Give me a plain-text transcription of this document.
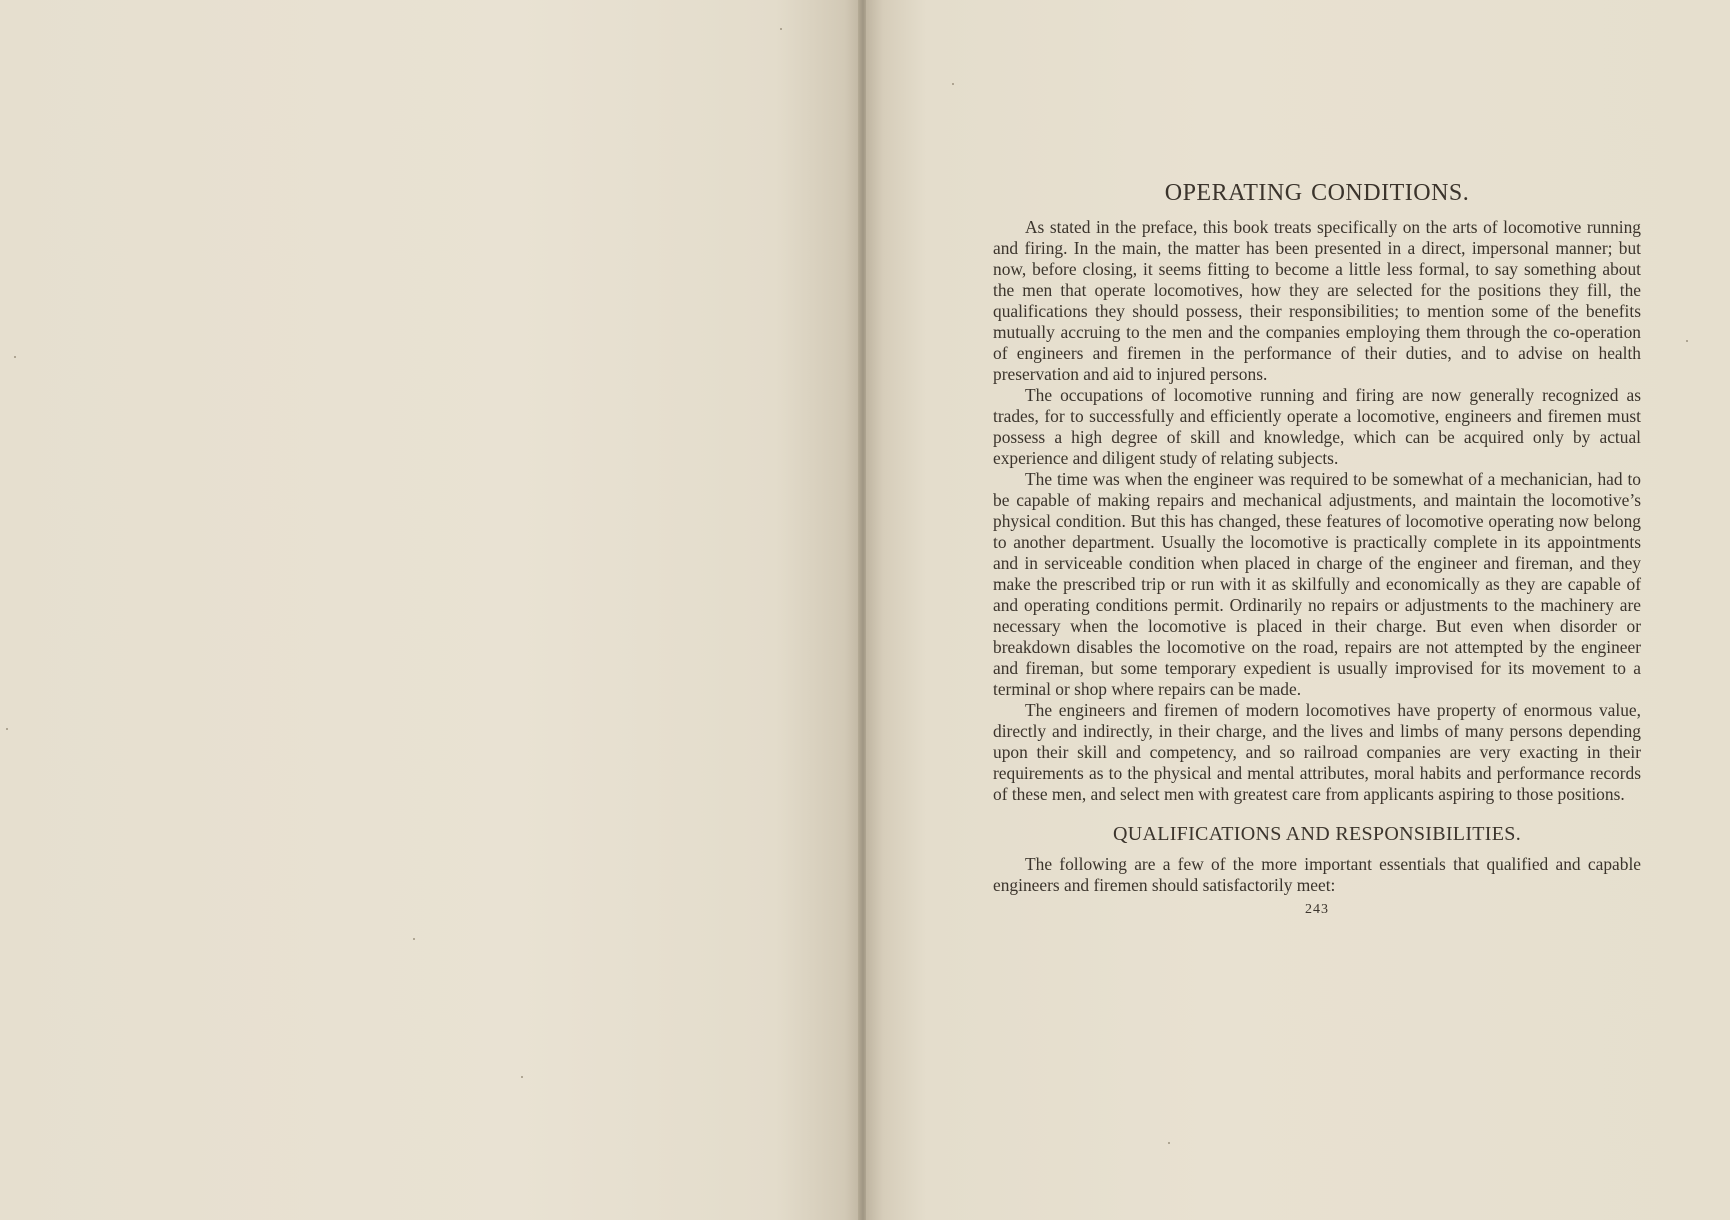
OPERATING CONDITIONS.

As stated in the preface, this book treats specifically on the arts of locomotive running and firing. In the main, the matter has been presented in a direct, impersonal manner; but now, before closing, it seems fitting to become a little less formal, to say something about the men that operate locomotives, how they are selected for the positions they fill, the qualifications they should possess, their responsibilities; to mention some of the benefits mutually accruing to the men and the companies employing them through the co-operation of engineers and firemen in the performance of their duties, and to advise on health preservation and aid to injured persons.

The occupations of locomotive running and firing are now generally recognized as trades, for to successfully and efficiently operate a locomotive, engineers and firemen must possess a high degree of skill and knowledge, which can be acquired only by actual experience and diligent study of relating subjects.

The time was when the engineer was required to be somewhat of a mechanician, had to be capable of making repairs and mechanical adjustments, and maintain the locomotive’s physical condition. But this has changed, these features of locomotive operating now belong to another department. Usually the locomotive is practically complete in its appointments and in serviceable condition when placed in charge of the engineer and fireman, and they make the prescribed trip or run with it as skilfully and economically as they are capable of and operating conditions permit. Ordinarily no repairs or adjustments to the machinery are necessary when the locomotive is placed in their charge. But even when disorder or breakdown disables the locomotive on the road, repairs are not attempted by the engineer and fireman, but some temporary expedient is usually improvised for its movement to a terminal or shop where repairs can be made.

The engineers and firemen of modern locomotives have property of enormous value, directly and indirectly, in their charge, and the lives and limbs of many persons depending upon their skill and competency, and so railroad companies are very exacting in their requirements as to the physical and mental attributes, moral habits and performance records of these men, and select men with greatest care from applicants aspiring to those positions.

QUALIFICATIONS AND RESPONSIBILITIES.

The following are a few of the more important essentials that qualified and capable engineers and firemen should satisfactorily meet:

243
